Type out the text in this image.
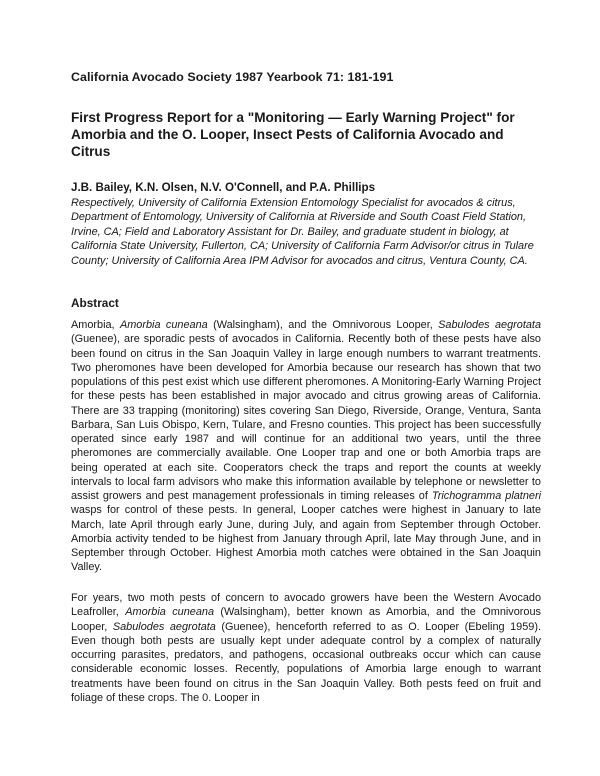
California Avocado Society 1987 Yearbook 71: 181-191
First Progress Report for a "Monitoring — Early Warning Project" for Amorbia and the O. Looper, Insect Pests of California Avocado and Citrus
J.B. Bailey, K.N. Olsen, N.V. O'Connell, and P.A. Phillips

Respectively, University of California Extension Entomology Specialist for avocados & citrus, Department of Entomology, University of California at Riverside and South Coast Field Station, Irvine, CA; Field and Laboratory Assistant for Dr. Bailey, and graduate student in biology, at California State University, Fullerton, CA; University of California Farm Advisor/or citrus in Tulare County; University of California Area IPM Advisor for avocados and citrus, Ventura County, CA.

Abstract

Amorbia, Amorbia cuneana (Walsingham), and the Omnivorous Looper, Sabulodes aegrotata (Guenee), are sporadic pests of avocados in California. Recently both of these pests have also been found on citrus in the San Joaquin Valley in large enough numbers to warrant treatments. Two pheromones have been developed for Amorbia because our research has shown that two populations of this pest exist which use different pheromones. A Monitoring-Early Warning Project for these pests has been established in major avocado and citrus growing areas of California. There are 33 trapping (monitoring) sites covering San Diego, Riverside, Orange, Ventura, Santa Barbara, San Luis Obispo, Kern, Tulare, and Fresno counties. This project has been successfully operated since early 1987 and will continue for an additional two years, until the three pheromones are commercially available. One Looper trap and one or both Amorbia traps are being operated at each site. Cooperators check the traps and report the counts at weekly intervals to local farm advisors who make this information available by telephone or newsletter to assist growers and pest management professionals in timing releases of Trichogramma platneri wasps for control of these pests. In general, Looper catches were highest in January to late March, late April through early June, during July, and again from September through October. Amorbia activity tended to be highest from January through April, late May through June, and in September through October. Highest Amorbia moth catches were obtained in the San Joaquin Valley.

For years, two moth pests of concern to avocado growers have been the Western Avocado Leafroller, Amorbia cuneana (Walsingham), better known as Amorbia, and the Omnivorous Looper, Sabulodes aegrotata (Guenee), henceforth referred to as O. Looper (Ebeling 1959). Even though both pests are usually kept under adequate control by a complex of naturally occurring parasites, predators, and pathogens, occasional outbreaks occur which can cause considerable economic losses. Recently, populations of Amorbia large enough to warrant treatments have been found on citrus in the San Joaquin Valley. Both pests feed on fruit and foliage of these crops. The 0. Looper in
